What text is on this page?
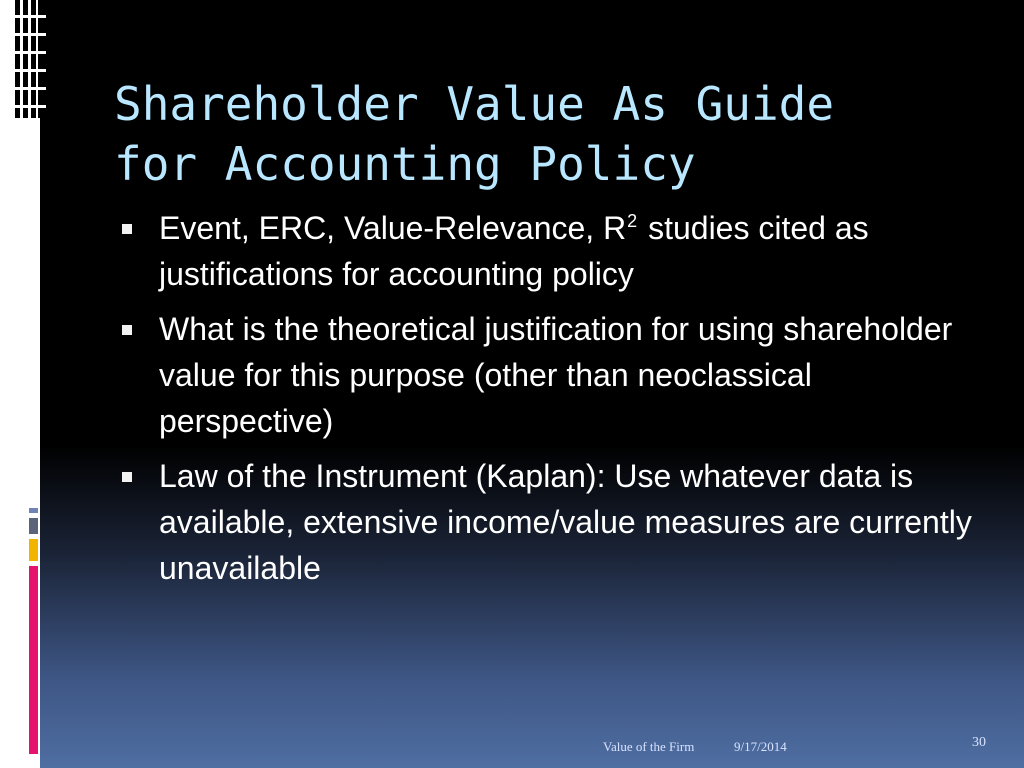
Shareholder Value As Guide
for Accounting Policy
Event, ERC, Value-Relevance, $R^2$ studies cited as justifications for accounting policy
What is the theoretical justification for using shareholder value for this purpose (other than neoclassical perspective)
Law of the Instrument (Kaplan): Use whatever data is available, extensive income/value measures are currently unavailable
Value of the Firm	9/17/2014	30
